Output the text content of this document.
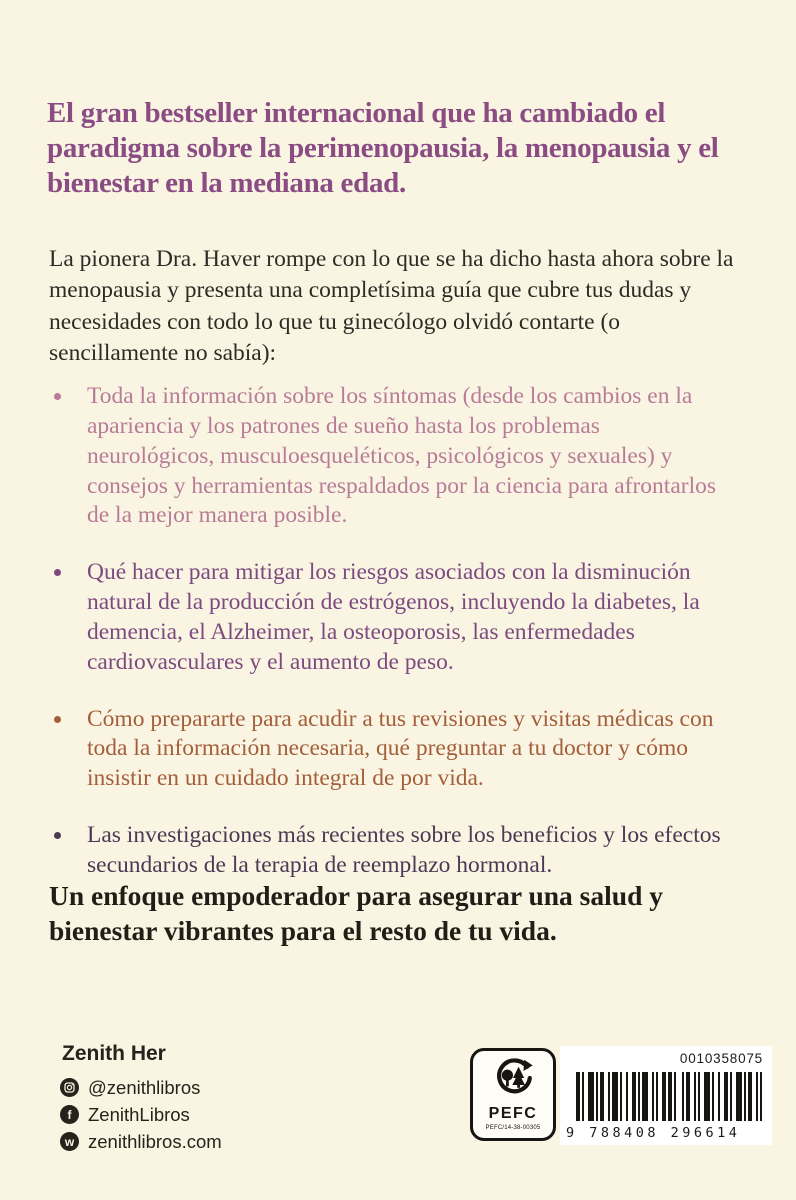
El gran bestseller internacional que ha cambiado el paradigma sobre la perimenopausia, la menopausia y el bienestar en la mediana edad.

La pionera Dra. Haver rompe con lo que se ha dicho hasta ahora sobre la menopausia y presenta una completísima guía que cubre tus dudas y necesidades con todo lo que tu ginecólogo olvidó contarte (o sencillamente no sabía):

Toda la información sobre los síntomas (desde los cambios en la apariencia y los patrones de sueño hasta los problemas neurológicos, musculoesqueléticos, psicológicos y sexuales) y consejos y herramientas respaldados por la ciencia para afrontarlos de la mejor manera posible.
Qué hacer para mitigar los riesgos asociados con la disminución natural de la producción de estrógenos, incluyendo la diabetes, la demencia, el Alzheimer, la osteoporosis, las enfermedades cardiovasculares y el aumento de peso.
Cómo prepararte para acudir a tus revisiones y visitas médicas con toda la información necesaria, qué preguntar a tu doctor y cómo insistir en un cuidado integral de por vida.
Las investigaciones más recientes sobre los beneficios y los efectos secundarios de la terapia de reemplazo hormonal.

Un enfoque empoderador para asegurar una salud y bienestar vibrantes para el resto de tu vida.

Zenith Her
@zenithlibros
f ZenithLibros
w zenithlibros.com
PEFC
PEFC/14-38-00305
0010358075
9 788408 296614
